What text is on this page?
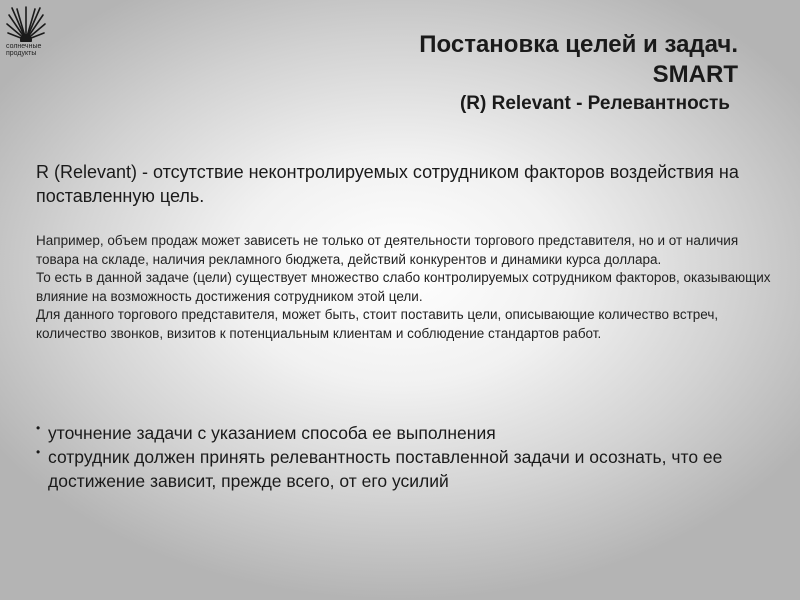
солнечные
продукты	Постановка целей и задач.
SMART
(R) Relevant - Релевантность
R (Relevant) - отсутствие неконтролируемых сотрудником факторов воздействия на поставленную цель.

Например, объем продаж может зависеть не только от деятельности торгового представителя, но и от наличия товара на складе, наличия рекламного бюджета, действий конкурентов и динамики курса доллара.

То есть в данной задаче (цели) существует множество слабо контролируемых сотрудником факторов, оказывающих влияние на возможность достижения сотрудником этой цели.

Для данного торгового представителя, может быть, стоит поставить цели, описывающие количество встреч, количество звонков, визитов к потенциальным клиентам и соблюдение стандартов работ.

• уточнение задачи с указанием способа ее выполнения
• сотрудник должен принять релевантность поставленной задачи и осознать, что ее достижение зависит, прежде всего, от его усилий
